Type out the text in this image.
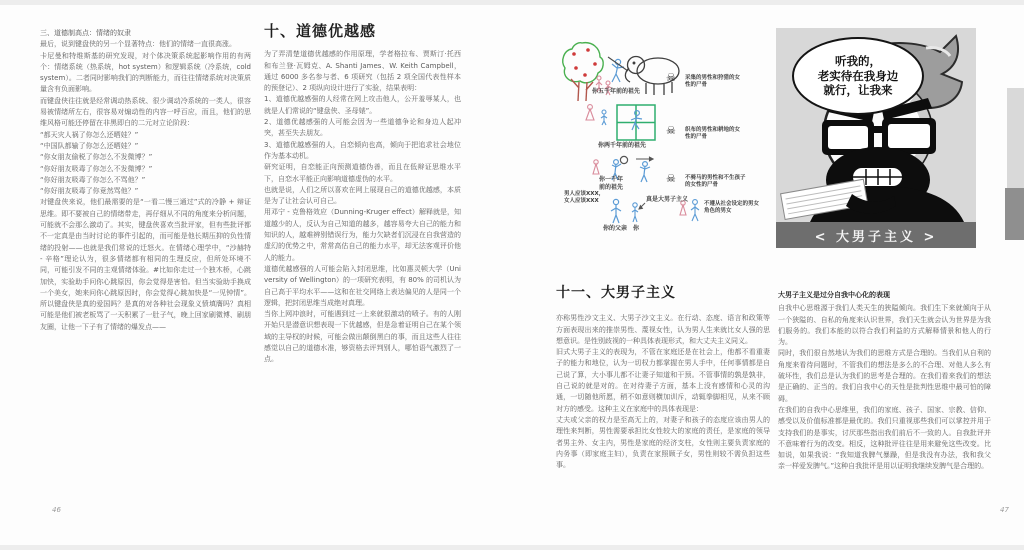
三、道德制高点：情绪的奴隶

最后，说到键盘侠的另一个显著特点：他们的情绪一直很高涨。

卡尼曼和特维斯基的研究发现，对个体决策系统起影响作用的有两个：情绪系统（热系统，hot system）和逻辑系统（冷系统，cold system）。二者同时影响我们的判断能力，而往往情绪系统对决策质量含有负面影响。

而键盘侠往往就是经常调动热系统、很少调动冷系统的一类人，很容易被情绪所左右，很容易对煽动性的内容一呼百应，而且，他们的思维风格可能还停留在非黑即白的二元对立论阶段：

“都天灾人祸了你怎么还晒娃？”

“中国队都输了你怎么还晒娃？”

“你女朋友偷税了你怎么不发微博？”

“你好朋友吸毒了你怎么不发微博？”

“你好朋友吸毒了你怎么不骂他？”

“你好朋友吸毒了你竟然骂他？”

对键盘侠来说，他们最需要的是“一看二慢三通过”式的冷静 + 辩证思维。即不要被自己的情绪带走，再仔细从不同的角度来分析问题，可能就不会那么激动了。其实，键盘侠喜欢当批评家，但有些批评都不一定真是由当时讨论的事件引起的，而可能是他长期压抑的负性情绪的投射——也就是我们常说的迁怒火。在情绪心理学中，“沙赫特 - 辛格”理论认为，很多情绪都有相同的生理反应，但所处环境不同，可能引发不同的主观情绪体验。#比如你走过一个独木桥，心跳加快，实验助手问你心跳原因，你会觉得是害怕。但当实验助手换成一个美女，她来问你心跳原因时，你会觉得心跳加快是“一见钟情”。所以键盘侠是真的爱国吗？是真的对各种社会现象义愤填膺吗？真相可能是他们被老板骂了一天积累了一肚子气，晚上回家刷微博、刷朋友圈，让他一下子有了情绪的爆发点——

十、道德优越感

为了弄清楚道德优越感的作用原理，学者格拉布、贾斯汀·托西和布兰登·瓦姆克、A. Shanti James、W. Keith Campbell，通过 6000 多名参与者、6 项研究（包括 2 项全国代表性样本的预登记）、2 项纵向设计进行了实验，结果表明：

1、道德优越感强的人经常在网上攻击他人，公开羞辱某人，也就是人们常说的“键盘侠、圣母婊”。

2、道德优越感强的人可能会因为一些道德争论和身边人起冲突，甚至失去朋友。

3、道德优越感强的人，自恋倾向也高，倾向于把追求社会地位作为基本动机。

研究证明，自恋能正向预测道德伪善，而且在低辩证思维水平下，自恋水平能正向影响道德虚伪的水平。

也就是说，人们之所以喜欢在网上展现自己的道德优越感，本质是为了让社会认可自己。

用邓宁 - 克鲁格效应（Dunning-Kruger effect）解释就是，知道越少的人，反认为自己知道的越多，越容易夸大自己的能力和知识的人，越难辨别错误行为，能力欠缺者们沉浸在自我营造的虚幻的优势之中，常常高估自己的能力水平，却无法客观评价他人的能力。

道德优越感强的人可能会陷入封闭思维，比如惠灵顿大学（University of Wellington）的一项研究表明，有 80% 的司机认为自己高于平均水平——这和在社交网络上表达偏见的人是同一个逻辑，把封闭思维当成绝对真理。

当你上网冲浪时，可能遇到过一上来就很激动的喷子。有的人刚开始只是潜意识想表现一下优越感，但是急着证明自己在某个领域的主导权的时候，可能会做出颠倒黑白的事，而且这些人往往感觉以自己的道德水准，够资格去评判别人，哪怕语气激烈了一点。

你五千年前的祖先
☠ 采集的男性和狩猎的女性的尸骨
你两千年前的祖先
☠ 织布的男性和耕地的女性的尸骨
你一千年前的祖先
☠ 不骑马的男性和不生孩子的女性的尸骨
男人应该XXX，女人应该XXX
你的父亲 你
真是大男子主义
不遵从社会设定的男女角色的男女
听我的，
老实待在我身边
就行，让我来
< 大男子主义 >
十一、大男子主义

亦称男性沙文主义、大男子沙文主义。在行动、态度、语言和政策等方面表现出来的推崇男性、蔑视女性，认为男人生来就比女人强的思想意识。是性别歧视的一种具体表现形式，和大丈夫主义同义。

旧式大男子主义的表现为，不管在家庭还是在社会上，他都不看重妻子的能力和地位，认为一切权力都掌握在男人手中，任何事情都是自己说了算，大小事儿都不让妻子知道和干预。不管事情的孰是孰非，自己说的就是对的。在对待妻子方面，基本上没有感情和心灵的沟通，一切随他所愿，稍不如意则横加训斥，动辄拳脚相见，从来不顾对方的感受。这种主义在家庭中的具体表现是：

丈夫或父亲的权力是至高无上的，对妻子和孩子的态度应该由男人的理性来判断，男性需要承担比女性较大的家庭的责任，是家庭的领导者男主外、女主内，男性是家庭的经济支柱，女性则主要负责家庭的内务事（即家庭主妇），负责在家照顾子女，男性则较不需负担这些事。

大男子主义是过分自我中心化的表现

自我中心思维源于我们人类天生的狭隘倾向。我们生下来就倾向于从一个狭隘的、自私的角度来认识世界，我们天生就会认为世界是为我们服务的。我们本能的以符合我们利益的方式解释情景和他人的行为。

同时，我们很自然地认为我们的思维方式是合理的。当我们从自利的角度来看待问题时，不管我们的想法是多么的不合理、对他人多么有破坏性，我们总是认为我们的思考是合理的。在我们看来我们的想法是正确的、正当的。我们自我中心的天性是批判性思维中最可怕的障碍。

在我们的自我中心思维里，我们的家庭、孩子、国家、宗教、信仰、感受以及价值标准都是最优的。我们只重视那些我们可以掌控并用于支持我们的是事实，讨厌那些指出我们前后不一致的人。自我批评并不意味着行为的改变。相反，这种批评往往是用来避免这些改变。比如说，如果我说：“我知道我脾气暴躁，但是我没有办法，我和我父亲一样爱发脾气。”这种自我批评是用以证明我继续发脾气是合理的。

46	47
